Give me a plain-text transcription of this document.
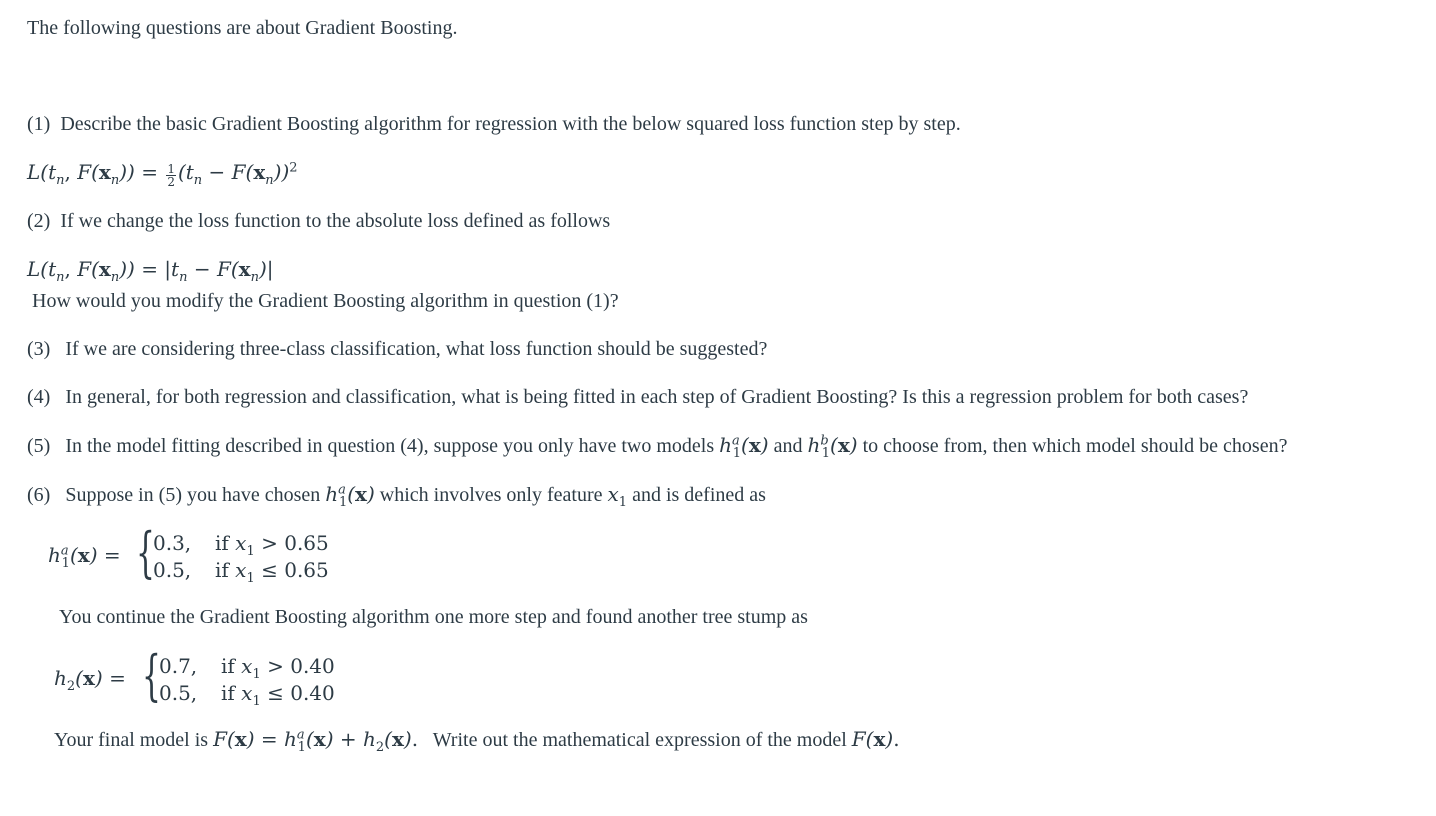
The following questions are about Gradient Boosting.
(1) Describe the basic Gradient Boosting algorithm for regression with the below squared loss function step by step.
$L(t_n$, $F(x_n)) = \frac{1}{2} (t_n - F(x_n))^2$
(2) If we change the loss function to the absolute loss defined as follows
$L(t_n$, $F(x_n)) = |t_n - F(x_n)|$
How would you modify the Gradient Boosting algorithm in question (1)?
(3) If we are considering three-class classification, what loss function should be suggested?
(4) In general, for both regression and classification, what is being fitted in each step of Gradient Boosting? Is this a regression problem for both cases?
(5) In the model fitting described in question (4), suppose you only have two models $h^a_1(x)$ and $h^b_1(x)$ to choose from, then which model should be chosen?
(6) Suppose in (5) you have chosen $h^a_1(x)$ which involves only feature $x_1$ and is defined as
$h^a_1(x)$ = {
0.3, if $x_1 > 0.65$
0.5, if $x_1 \le 0.65$
You continue the Gradient Boosting algorithm one more step and found another tree stump as
$h_2(x)$ = {
0.7, if $x_1 > 0.40$
0.5, if $x_1 \le 0.40$
Your final model is $F(x) = h^a_1(x) + h_2(x)$. Write out the mathematical expression of the model F(x).
